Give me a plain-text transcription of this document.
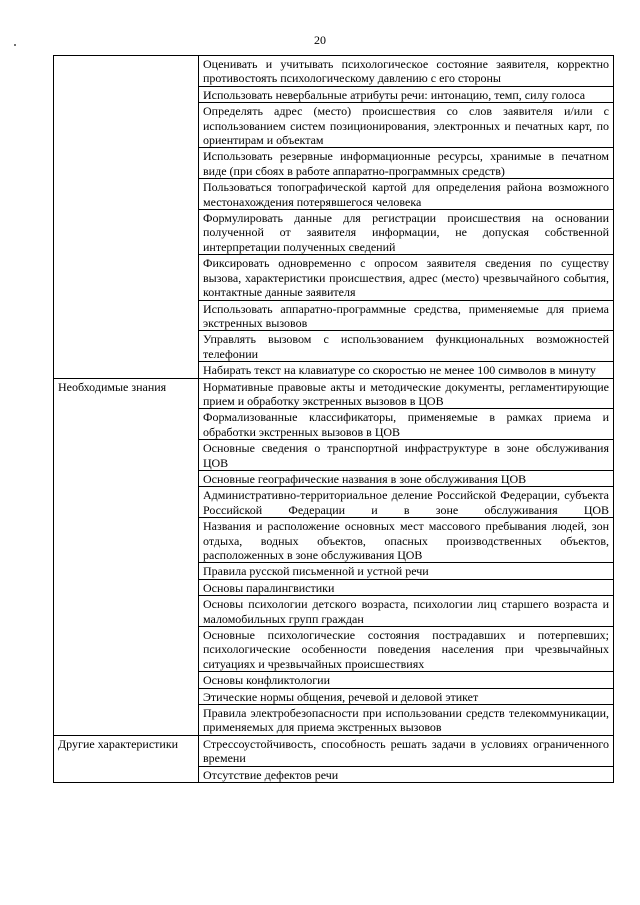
20
	Оценивать и учитывать психологическое состояние заявителя, корректно противостоять психологическому давлению с его стороны
	Использовать невербальные атрибуты речи: интонацию, темп, силу голоса
	Определять адрес (место) происшествия со слов заявителя и/или с использованием систем позиционирования, электронных и печатных карт, по ориентирам и объектам
	Использовать резервные информационные ресурсы, хранимые в печатном виде (при сбоях в работе аппаратно-программных средств)
	Пользоваться топографической картой для определения района возможного местонахождения потерявшегося человека
	Формулировать данные для регистрации происшествия на основании полученной от заявителя информации, не допуская собственной интерпретации полученных сведений
	Фиксировать одновременно с опросом заявителя сведения по существу вызова, характеристики происшествия, адрес (место) чрезвычайного события, контактные данные заявителя
	Использовать аппаратно-программные средства, применяемые для приема экстренных вызовов
	Управлять вызовом с использованием функциональных возможностей телефонии
	Набирать текст на клавиатуре со скоростью не менее 100 символов в минуту
Необходимые знания	Нормативные правовые акты и методические документы, регламентирующие прием и обработку экстренных вызовов в ЦОВ
	Формализованные классификаторы, применяемые в рамках приема и обработки экстренных вызовов в ЦОВ
	Основные сведения о транспортной инфраструктуре в зоне обслуживания ЦОВ
	Основные географические названия в зоне обслуживания ЦОВ
	Административно-территориальное деление Российской Федерации, субъекта Российской Федерации и в зоне обслуживания ЦОВ
	Названия и расположение основных мест массового пребывания людей, зон отдыха, водных объектов, опасных производственных объектов, расположенных в зоне обслуживания ЦОВ
	Правила русской письменной и устной речи
	Основы паралингвистики
	Основы психологии детского возраста, психологии лиц старшего возраста и маломобильных групп граждан
	Основные психологические состояния пострадавших и потерпевших; психологические особенности поведения населения при чрезвычайных ситуациях и чрезвычайных происшествиях
	Основы конфликтологии
	Этические нормы общения, речевой и деловой этикет
	Правила электробезопасности при использовании средств телекоммуникации, применяемых для приема экстренных вызовов
Другие характеристики	Стрессоустойчивость, способность решать задачи в условиях ограниченного времени
	Отсутствие дефектов речи
